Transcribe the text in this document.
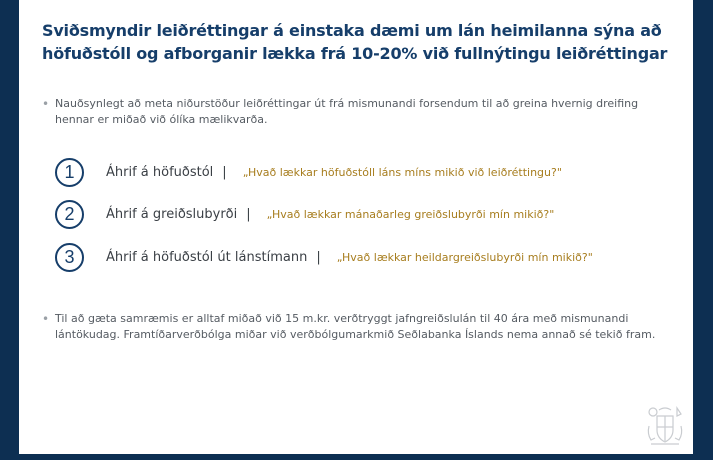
Sviðsmyndir leiðréttingar á einstaka dæmi um lán heimilanna sýna að höfuðstóll og afborganir lækka frá 10-20% við fullnýtingu leiðréttingar
• Nauðsynlegt að meta niðurstöður leiðréttingar út frá mismunandi forsendum til að greina hvernig dreifing hennar er miðað við ólíka mælikvarða.
1	Áhrif á höfuðstól | „Hvað lækkar höfuðstóll láns míns mikið við leiðréttingu?"
2	Áhrif á greiðslubyrði | „Hvað lækkar mánaðarleg greiðslubyrði mín mikið?"
3	Áhrif á höfuðstól út lánstímann | „Hvað lækkar heildargreiðslubyrði mín mikið?"
• Til að gæta samræmis er alltaf miðað við 15 m.kr. verðtryggt jafngreiðslulán til 40 ára með mismunandi lántökudag. Framtíðarverðbólga miðar við verðbólgumarkmið Seðlabanka Íslands nema annað sé tekið fram.
